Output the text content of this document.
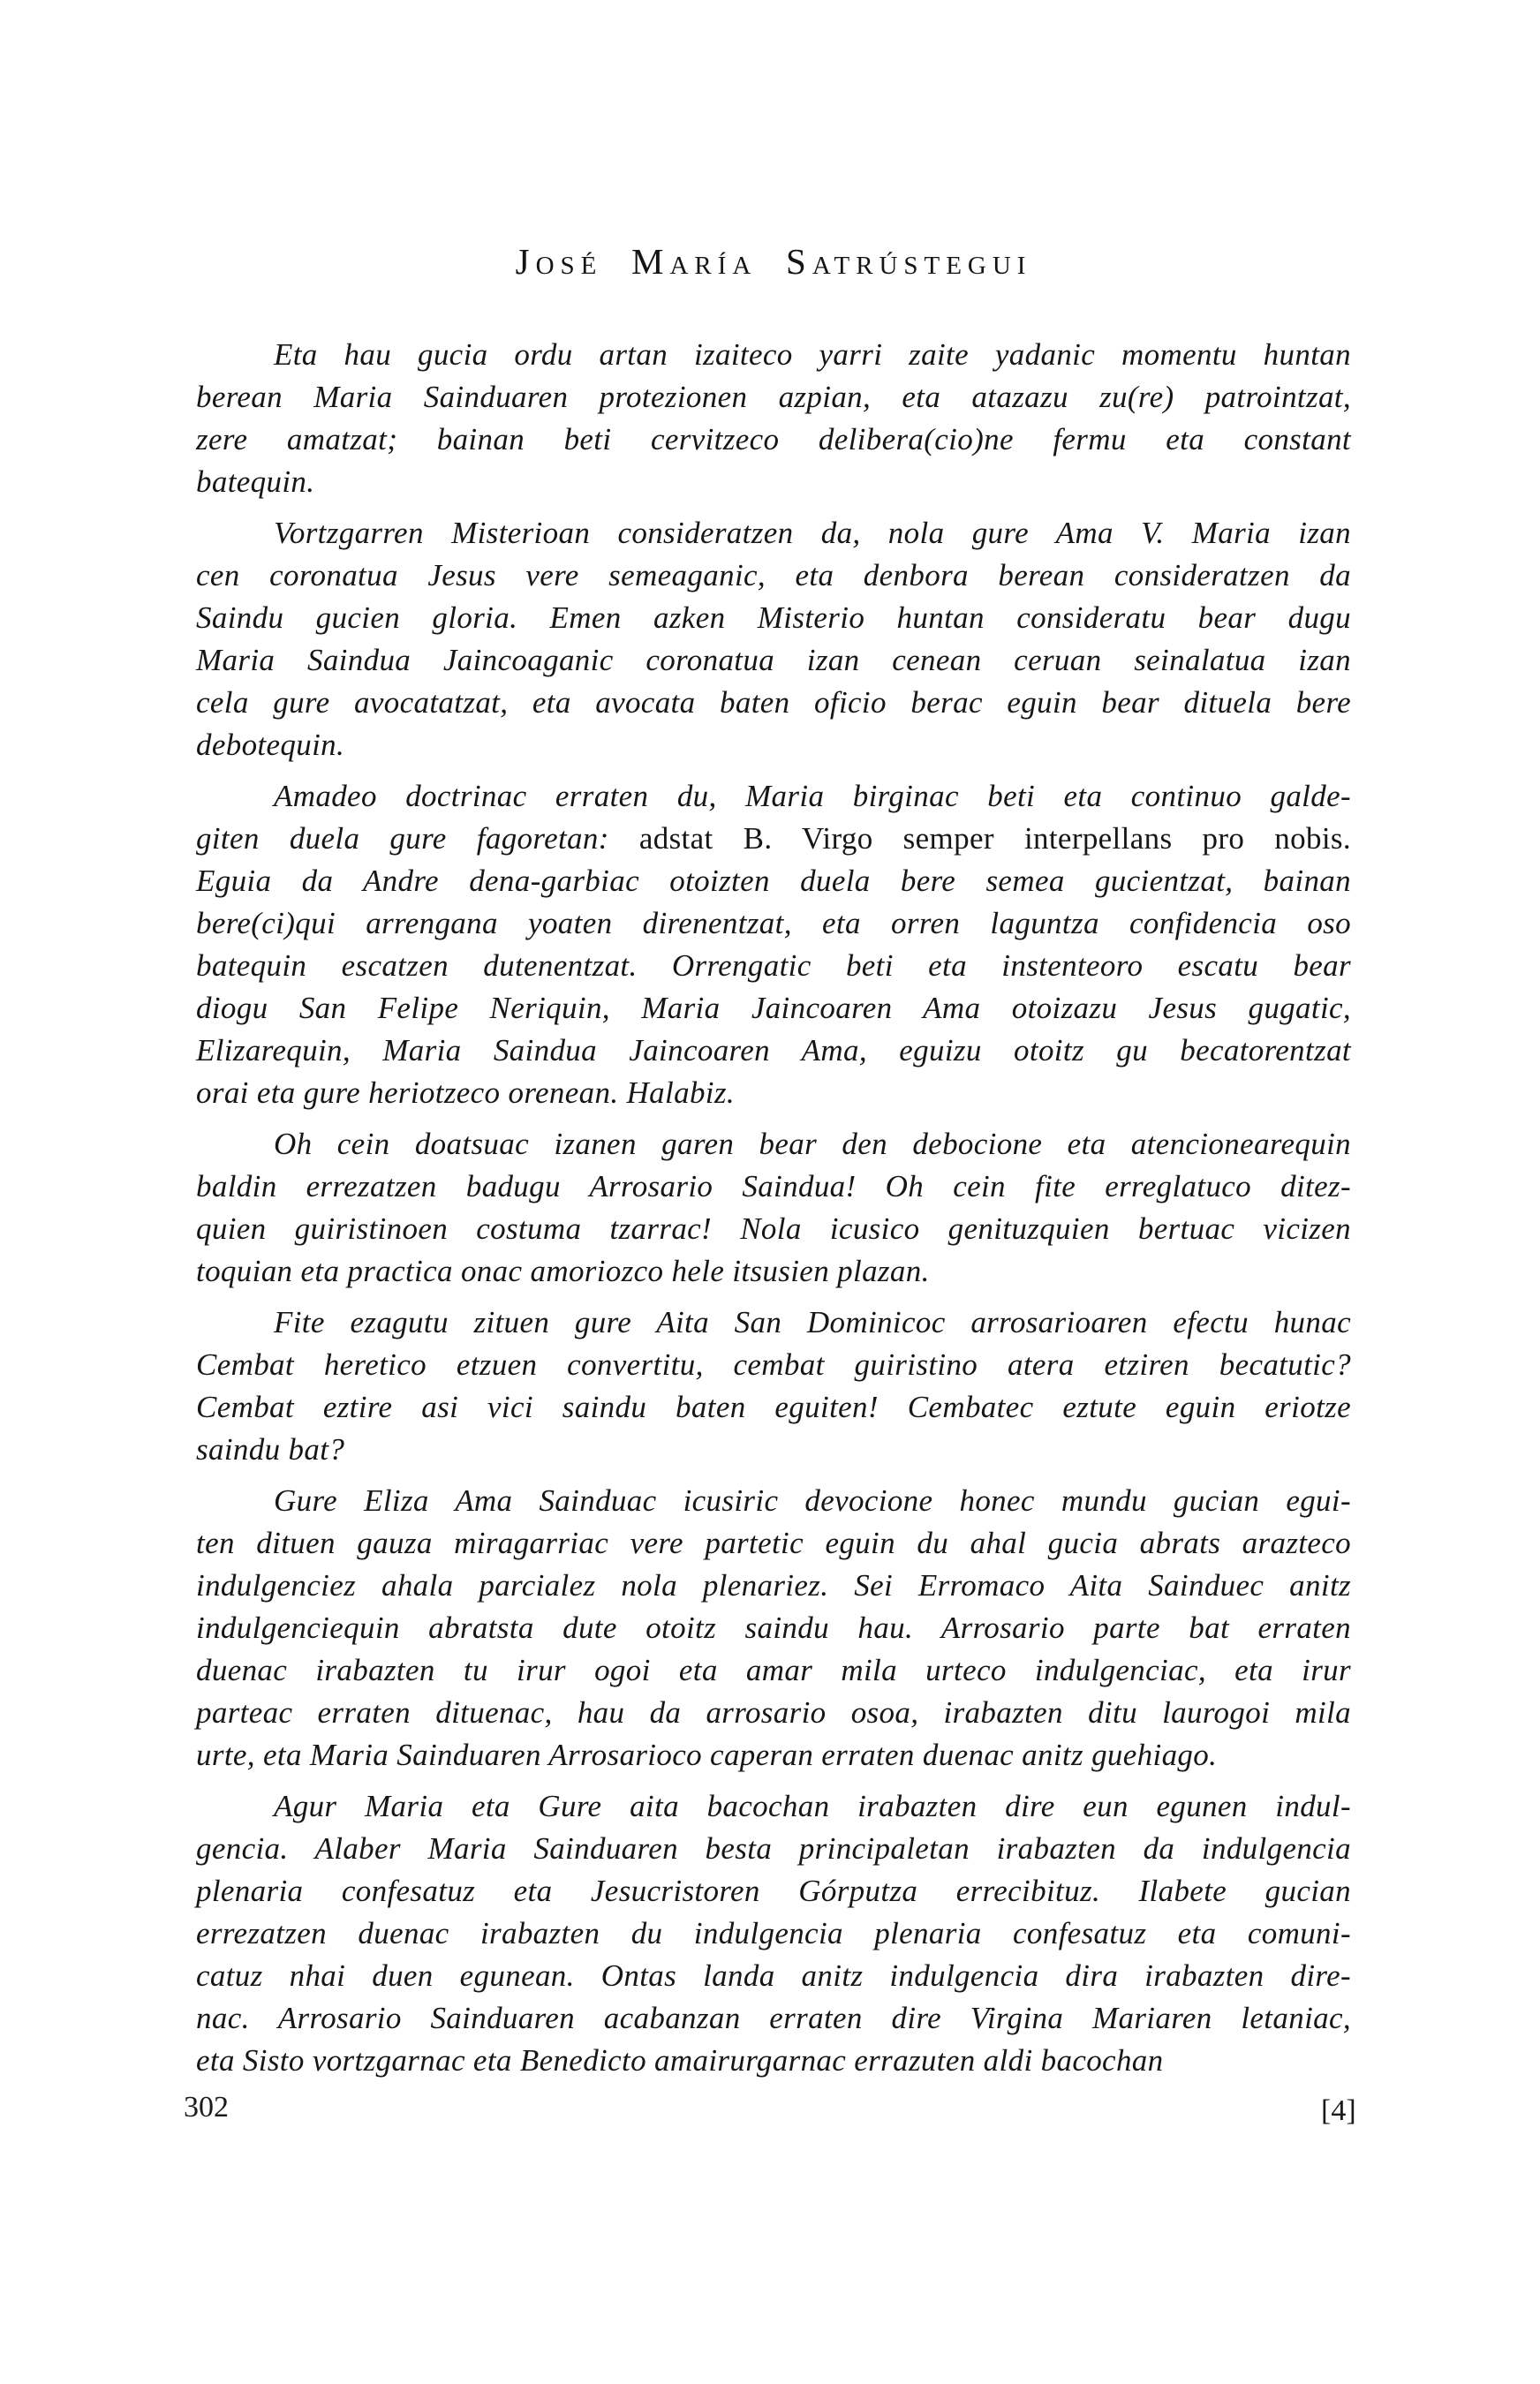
José María Satrústegui

Eta hau gucia ordu artan izaiteco yarri zaite yadanic momentu huntan
berean Maria Sainduaren protezionen azpian, eta atazazu zu(re) patrointzat,
zere amatzat; bainan beti cervitzeco delibera(cio)ne fermu eta constant
batequin.

Vortzgarren Misterioan consideratzen da, nola gure Ama V. Maria izan
cen coronatua Jesus vere semeaganic, eta denbora berean consideratzen da
Saindu gucien gloria. Emen azken Misterio huntan consideratu bear dugu
Maria Saindua Jaincoaganic coronatua izan cenean ceruan seinalatua izan
cela gure avocatatzat, eta avocata baten oficio berac eguin bear dituela bere
debotequin.

Amadeo doctrinac erraten du, Maria birginac beti eta continuo galde-
giten duela gure fagoretan: adstat B. Virgo semper interpellans pro nobis.
Eguia da Andre dena-garbiac otoizten duela bere semea gucientzat, bainan
bere(ci)qui arrengana yoaten direnentzat, eta orren laguntza confidencia oso
batequin escatzen dutenentzat. Orrengatic beti eta instenteoro escatu bear
diogu San Felipe Neriquin, Maria Jaincoaren Ama otoizazu Jesus gugatic,
Elizarequin, Maria Saindua Jaincoaren Ama, eguizu otoitz gu becatorentzat
orai eta gure heriotzeco orenean. Halabiz.

Oh cein doatsuac izanen garen bear den debocione eta atencionearequin
baldin errezatzen badugu Arrosario Saindua! Oh cein fite erreglatuco ditez-
quien guiristinoen costuma tzarrac! Nola icusico genituzquien bertuac vicizen
toquian eta practica onac amoriozco hele itsusien plazan.

Fite ezagutu zituen gure Aita San Dominicoc arrosarioaren efectu hunac
Cembat heretico etzuen convertitu, cembat guiristino atera etziren becatutic?
Cembat eztire asi vici saindu baten eguiten! Cembatec eztute eguin eriotze
saindu bat?

Gure Eliza Ama Sainduac icusiric devocione honec mundu gucian egui-
ten dituen gauza miragarriac vere partetic eguin du ahal gucia abrats arazteco
indulgenciez ahala parcialez nola plenariez. Sei Erromaco Aita Sainduec anitz
indulgenciequin abratsta dute otoitz saindu hau. Arrosario parte bat erraten
duenac irabazten tu irur ogoi eta amar mila urteco indulgenciac, eta irur
parteac erraten dituenac, hau da arrosario osoa, irabazten ditu laurogoi mila
urte, eta Maria Sainduaren Arrosarioco caperan erraten duenac anitz guehiago.

Agur Maria eta Gure aita bacochan irabazten dire eun egunen indul-
gencia. Alaber Maria Sainduaren besta principaletan irabazten da indulgencia
plenaria confesatuz eta Jesucristoren Górputza errecibituz. Ilabete gucian
errezatzen duenac irabazten du indulgencia plenaria confesatuz eta comuni-
catuz nhai duen egunean. Ontas landa anitz indulgencia dira irabazten dire-
nac. Arrosario Sainduaren acabanzan erraten dire Virgina Mariaren letaniac,
eta Sisto vortzgarnac eta Benedicto amairurgarnac errazuten aldi bacochan

302	[4]
